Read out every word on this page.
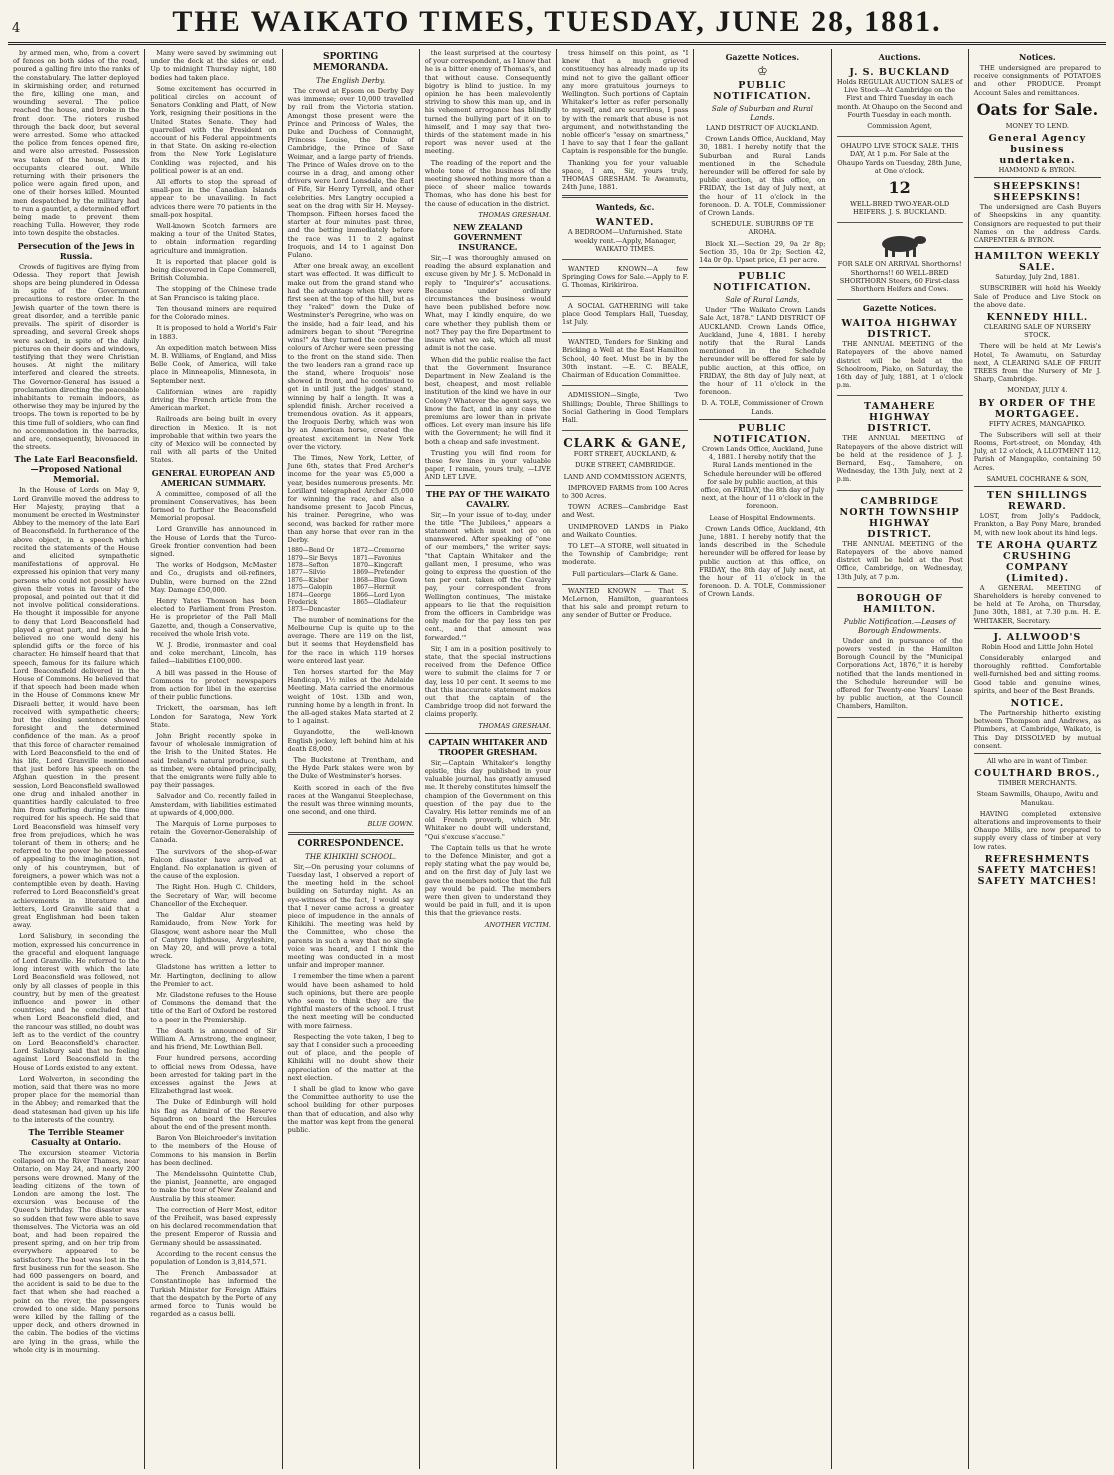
4	THE WAIKATO TIMES, TUESDAY, JUNE 28, 1881.

by armed men, who, from a covert of fences on both sides of the road, poured a galling fire into the ranks of the constabulary. The latter deployed in skirmishing order, and returned the fire, killing one man, and wounding several. The police reached the house, and broke in the front door. The rioters rushed through the back door, but several were arrested. Some who attacked the police from fences opened fire, and were also arrested. Possession was taken of the house, and its occupants cleared out. While returning with their prisoners the police were again fired upon, and one of their horses killed. Mounted men despatched by the military had to run a gauntlet, a determined effort being made to prevent them reaching Tulla. However, they rode into town despite the obstacles.

Persecution of the Jews in Russia.

Crowds of fugitives are flying from Odessa. They report that Jewish shops are being plundered in Odessa in spite of the Government precautions to restore order. In the Jewish quarter of the town there is great disorder, and a terrible panic prevails. The spirit of disorder is spreading, and several Greek shops were sacked, in spite of the daily pictures on their doors and windows, testifying that they were Christian houses. At night the military interfered and cleared the streets. The Governor-General has issued a proclamation directing the peaceable inhabitants to remain indoors, as otherwise they may be injured by the troops. The town is reported to be by this time full of soldiers, who can find no accommodation in the barracks, and are, consequently, bivouaced in the streets.

The Late Earl Beaconsfield.—Proposed National Memorial.

In the House of Lords on May 9, Lord Granville moved the address to Her Majesty, praying that a monument be erected in Westminster Abbey to the memory of the late Earl of Beaconsfield. In furtherance of the above object, in a speech which recited the statements of the House and elicited sympathetic manifestations of approval. He expressed his opinion that very many persons who could not possibly have given their votes in favour of the proposal, and pointed out that it did not involve political considerations. He thought it impossible for anyone to deny that Lord Beaconsfield had played a great part, and he said he believed no one would deny his splendid gifts or the force of his character. He himself heard that that speech, famous for its failure which Lord Beaconsfield delivered in the House of Commons. He believed that if that speech had been made when in the House of Commons knew Mr Disraeli better, it would have been received with sympathetic cheers; but the closing sentence showed foresight and the determined confidence of the man. As a proof that this force of character remained with Lord Beaconsfield to the end of his life, Lord Granville mentioned that just before his speech on the Afghan question in the present session, Lord Beaconsfield swallowed one drug and inhaled another in quantities hardly calculated to free him from suffering during the time required for his speech. He said that Lord Beaconsfield was himself very free from prejudices, which he was tolerant of them in others; and he referred to the power he possessed of appealing to the imagination, not only of his countrymen, but of foreigners, a power which was not a contemptible even by death. Having referred to Lord Beaconsfield's great achievements in literature and letters, Lord Granville said that a great Englishman had been taken away.

Lord Salisbury, in seconding the motion, expressed his concurrence in the graceful and eloquent language of Lord Granville. He referred to the long interest with which the late Lord Beaconsfield was followed, not only by all classes of people in this country, but by men of the greatest influence and power in other countries; and he concluded that when Lord Beaconsfield died, and the rancour was stilled, no doubt was left as to the verdict of the country on Lord Beaconsfield's character. Lord Salisbury said that no feeling against Lord Beaconsfield in the House of Lords existed to any extent.

Lord Wolverton, in seconding the motion, said that there was no more proper place for the memorial than in the Abbey; and remarked that the dead statesman had given up his life to the interests of the country.

The Terrible Steamer Casualty at Ontario.

The excursion steamer Victoria collapsed on the River Thames, near Ontario, on May 24, and nearly 200 persons were drowned. Many of the leading citizens of the town of London are among the lost. The excursion was because of the Queen's birthday. The disaster was so sudden that few were able to save themselves. The Victoria was an old boat, and had been repaired the present spring, and on her trip from everywhere appeared to be satisfactory. The boat was lost in the first business run for the season. She had 600 passengers on board, and the accident is said to be due to the fact that when she had reached a point on the river, the passengers crowded to one side. Many persons were killed by the falling of the upper deck, and others drowned in the cabin. The bodies of the victims are lying in the grass, while the whole city is in mourning.

Many were saved by swimming out under the deck at the sides or end. Up to midnight Thursday night, 180 bodies had taken place.

Some excitement has occurred in political circles on account of Senators Conkling and Platt, of New York, resigning their positions in the United States Senate. They had quarrelled with the President on account of his Federal appointments in that State. On asking re-election from the New York Legislature Conkling was rejected, and his political power is at an end.

All efforts to stop the spread of small-pox in the Canadian Islands appear to be unavailing. In fact advices there were 70 patients in the small-pox hospital.

Well-known Scotch farmers are making a tour of the United States, to obtain information regarding agriculture and immigration.

It is reported that placer gold is being discovered in Cape Commerell, British Columbia.

The stopping of the Chinese trade at San Francisco is taking place.

Ten thousand miners are required for the Colorado mines.

It is proposed to hold a World's Fair in 1883.

An expedition match between Miss M. B. Williams, of England, and Miss Belle Cook, of America, will take place in Minneapolis, Minnesota, in September next.

Californian wines are rapidly driving the French article from the American market.

Railroads are being built in every direction in Mexico. It is not improbable that within two years the city of Mexico will be connected by rail with all parts of the United States.

GENERAL EUROPEAN AND AMERICAN SUMMARY.

A committee, composed of all the prominent Conservatives, has been formed to further the Beaconsfield Memorial proposal.

Lord Granville has announced in the House of Lords that the Turco-Greek frontier convention had been signed.

The works of Hodgson, McMaster and Co., drugists and oil-refiners, Dublin, were burned on the 22nd May. Damage £50,000.

Henry Yates Thomson has been elected to Parliament from Preston. He is proprietor of the Pall Mall Gazette, and, though a Conservative, received the whole Irish vote.

W. J. Brodie, ironmaster and coal and coke merchant, Lincoln, has failed—liabilities £100,000.

A bill was passed in the House of Commons to protect newspapers from action for libel in the exercise of their public functions.

Trickett, the oarsman, has left London for Saratoga, New York State.

John Bright recently spoke in favour of wholesale immigration of the Irish to the United States. He said Ireland's natural produce, such as timber, were obtained principally, that the emigrants were fully able to pay their passages.

Salvador and Co. recently failed in Amsterdam, with liabilities estimated at upwards of 4,000,000.

The Marquis of Lorne purposes to retain the Governor-Generalship of Canada.

The survivors of the shop-of-war Falcon disaster have arrived at England. No explanation is given of the cause of the explosion.

The Right Hon. Hugh C. Childers, the Secretary of War, will become Chancellor of the Exchequer.

The Galdar Alur steamer Ramidaudo, from New York for Glasgow, went ashore near the Mull of Cantyre lighthouse, Argyleshire, on May 20, and will prove a total wreck.

Gladstone has written a letter to Mr. Hartington, declining to allow the Premier to act.

Mr. Gladstone refuses to the House of Commons the demand that the title of the Earl of Oxford be restored to a peer in the Premiership.

The death is announced of Sir William A. Armstrong, the engineer, and his friend, Mr. Lowthian Bell.

Four hundred persons, according to official news from Odessa, have been arrested for taking part in the excesses against the Jews at Elizabethgrad last week.

The Duke of Edinburgh will hold his flag as Admiral of the Reserve Squadron on board the Hercules about the end of the present month.

Baron Von Bleichroeder's invitation to the members of the House of Commons to his mansion in Berlin has been declined.

The Mendelssohn Quintette Club, the pianist, Jeannette, are engaged to make the tour of New Zealand and Australia by this steamer.

The correction of Herr Most, editor of the Freiheit, was based expressly on his declared recommendation that the present Emperor of Russia and Germany should be assassinated.

According to the recent census the population of London is 3,814,571.

The French Ambassador at Constantinople has informed the Turkish Minister for Foreign Affairs that the despatch by the Porte of any armed force to Tunis would be regarded as a casus belli.

SPORTING MEMORANDA.
The English Derby.

The crowd at Epsom on Derby Day was immense; over 10,000 travelled by rail from the Victoria station. Amongst those present were the Prince and Princess of Wales, the Duke and Duchess of Connaught, Princess Louise, the Duke of Cambridge, the Prince of Saxe Weimar, and a large party of friends. The Prince of Wales drove on to the course in a drag, and among other drivers were Lord Lonsdale, the Earl of Fife, Sir Henry Tyrrell, and other celebrities. Mrs Langtry occupied a seat on the drag with Sir H. Meysey-Thompson. Fifteen horses faced the starter at four minutes past three, and the betting immediately before the race was 11 to 2 against Iroquois, and 14 to 1 against Don Fulano.

After one break away, an excellent start was effected. It was difficult to make out from the grand stand who had the advantage when they were first seen at the top of the hill, but as they "raked" down the Duke of Westminster's Peregrine, who was on the inside, had a fair lead, and his admirers began to shout "Peregrine wins!" As they turned the corner the colours of Archer were seen pressing to the front on the stand side. Then the two leaders ran a grand race up the stand, where Iroquois' nose showed in front, and he continued to get in until just the judges' stand, winning by half a length. It was a splendid finish. Archer received a tremendous ovation. As it appears, the Iroquois Derby, which was won by an American horse, created the greatest excitement in New York over the victory.

The Times, New York, Letter, of June 6th, states that Fred Archer's income for the year was £5,000 a year, besides numerous presents. Mr. Lorillard telegraphed Archer £5,000 for winning the race, and also a handsome present to Jacob Pincus, his trainer. Peregrine, who was second, was backed for rather more than any horse that ever ran in the Derby.

1880—Bend Or
1879—Sir Bevys
1878—Sefton
1877—Silvio
1876—Kisber
1875—Galopin
1874—George Frederick
1873—Doncaster
1872—Cremorne
1871—Favonius
1870—Kingcraft
1869—Pretender
1868—Blue Gown
1867—Hermit
1866—Lord Lyon
1865—Gladiateur

The number of nominations for the Melbourne Cup is quite up to the average. There are 119 on the list, but it seems that Heydensfield has for the race in which 119 horses were entered last year.

Ten horses started for the May Handicap, 1½ miles at the Adelaide Meeting. Mata carried the enormous weight of 10st. 13lb and won, running home by a length in front. In the all-aged stakes Mata started at 2 to 1 against.

Guyandotte, the well-known English jockey, left behind him at his death £8,000.

The Buckstone at Trentham, and the Hyde Park stakes were won by the Duke of Westminster's horses.

Keith scored in each of the five races at the Wanganui Steeplechase, the result was three winning mounts, one second, and one third.

BLUE GOWN.

CORRESPONDENCE.
THE KIHIKIHI SCHOOL.

Sir,—On perusing your columns of Tuesday last, I observed a report of the meeting held in the school building on Saturday night. As an eye-witness of the fact, I would say that I never came across a greater piece of impudence in the annals of Kihikihi. The meeting was held by the Committee, who chose the parents in such a way that no single voice was heard, and I think the meeting was conducted in a most unfair and improper manner.

I remember the time when a parent would have been ashamed to hold such opinions, but there are people who seem to think they are the rightful masters of the school. I trust the next meeting will be conducted with more fairness.

Respecting the vote taken, I beg to say that I consider such a proceeding out of place, and the people of Kihikihi will no doubt show their appreciation of the matter at the next election.

I shall be glad to know who gave the Committee authority to use the school building for other purposes than that of education, and also why the matter was kept from the general public.

the least surprised at the courtesy of your correspondent, as I know that he is a bitter enemy of Thomas's, and that without cause. Consequently bigotry is blind to justice. In my opinion he has been malevolently striving to show this man up, and in his vehement arrogance has blindly turned the bullying part of it on to himself, and I may say that two-thirds of the statement made in his report was never used at the meeting.

The reading of the report and the whole tone of the business of the meeting showed nothing more than a piece of sheer malice towards Thomas, who has done his best for the cause of education in the district.

THOMAS GRESHAM.

NEW ZEALAND GOVERNMENT INSURANCE.

Sir,—I was thoroughly amused on reading the absurd explanation and excuse given by Mr J. S. McDonald in reply to "Inquirer's" accusations. Because under ordinary circumstances the business would have been published before now. What, may I kindly enquire, do we care whether they publish them or not? They pay the fire Department to insure what we ask, which all must admit is not the case.

When did the public realise the fact that the Government Insurance Department in New Zealand is the best, cheapest, and most reliable institution of the kind we have in our Colony? Whatever the agent says, we know the fact, and in any case the premiums are lower than in private offices. Let every man insure his life with the Government; he will find it both a cheap and safe investment.

Trusting you will find room for these few lines in your valuable paper, I remain, yours truly, —LIVE AND LET LIVE.

THE PAY OF THE WAIKATO CAVALRY.

Sir,—In your issue of to-day, under the title "The Jubilees," appears a statement which must not go on unanswered. After speaking of "one of our members," the writer says: "that Captain Whitaker and the gallant men, I presume, who was going to express the question of the ten per cent. taken off the Cavalry pay, your correspondent from Wellington continues, 'The mistake appears to lie that the requisition from the officers in Cambridge was only made for the pay less ten per cent., and that amount was forwarded.'"

Sir, I am in a position positively to state, that the special instructions received from the Defence Office were to submit the claims for 7 or day, less 10 per cent. It seems to me that this inaccurate statement makes out that the captain of the Cambridge troop did not forward the claims properly.

THOMAS GRESHAM.

CAPTAIN WHITAKER AND TROOPER GRESHAM.

Sir,—Captain Whitaker's lengthy epistle, this day published in your valuable journal, has greatly amused me. It thereby constitutes himself the champion of the Government on this question of the pay due to the Cavalry. His letter reminds me of an old French proverb, which Mr. Whitaker no doubt will understand, "Qui s'excuse s'accuse."

The Captain tells us that he wrote to the Defence Minister, and got a reply stating what the pay would be, and on the first day of July last we gave the members notice that the full pay would be paid. The members were then given to understand they would be paid in full, and it is upon this that the grievance rests.

ANOTHER VICTIM.

tress himself on this point, as "I knew that a much grieved constituency has already made up its mind not to give the gallant officer any more gratuitous journeys to Wellington. Such portions of Captain Whitaker's letter as refer personally to myself, and are scurrilous, I pass by with the remark that abuse is not argument, and notwithstanding the noble officer's "essay on smartness," I have to say that I fear the gallant Captain is responsible for the bungle.

Thanking you for your valuable space, I am, Sir, yours truly, THOMAS GRESHAM. Te Awamutu, 24th June, 1881.

Wanteds, &c.
WANTED.

A BEDROOM—Unfurnished. State weekly rent.—Apply, Manager, WAIKATO TIMES.

WANTED KNOWN—A few Springing Cows for Sale.—Apply to F. G. Thomas, Kirikiriroa.

A SOCIAL GATHERING will take place Good Templars Hall, Tuesday, 1st July.

WANTED, Tenders for Sinking and Bricking a Well at the East Hamilton School, 40 feet. Must be in by the 30th instant. —E. C. BEALE, Chairman of Education Committee.

ADMISSION—Single, Two Shillings; Double, Three Shillings to Social Gathering in Good Templars Hall.

CLARK & GANE,

FORT STREET, AUCKLAND, &

DUKE STREET, CAMBRIDGE.

LAND AND COMMISSION AGENTS,

IMPROVED FARMS from 100 Acres to 300 Acres.

TOWN ACRES—Cambridge East and West.

UNIMPROVED LANDS in Piako and Waikato Counties.

TO LET—A STORE, well situated in the Township of Cambridge; rent moderate.

Full particulars—Clark & Gane.

WANTED KNOWN — That S. McLernon, Hamilton, guarantees that his sale and prompt return to any sender of Butter or Produce.

Gazette Notices.
♔
PUBLIC NOTIFICATION.
Sale of Suburban and Rural Lands.

LAND DISTRICT OF AUCKLAND.

Crown Lands Office, Auckland, May 30, 1881. I hereby notify that the Suburban and Rural Lands mentioned in the Schedule hereunder will be offered for sale by public auction, at this office, on FRIDAY, the 1st day of July next, at the hour of 11 o'clock in the forenoon. D. A. TOLE, Commissioner of Crown Lands.

SCHEDULE. SUBURBS OF TE AROHA.

Block XI.—Section 29, 9a 2r 8p; Section 35, 10a 0r 2p; Section 42, 14a 0r 0p. Upset price, £1 per acre.

PUBLIC NOTIFICATION.
Sale of Rural Lands,

Under "The Waikato Crown Lands Sale Act, 1878." LAND DISTRICT OF AUCKLAND. Crown Lands Office, Auckland, June 4, 1881. I hereby notify that the Rural Lands mentioned in the Schedule hereunder will be offered for sale by public auction, at this office, on FRIDAY, the 8th day of July next, at the hour of 11 o'clock in the forenoon.

D. A. TOLE, Commissioner of Crown Lands.

PUBLIC NOTIFICATION.

Crown Lands Office, Auckland, June 4, 1881. I hereby notify that the Rural Lands mentioned in the Schedule hereunder will be offered for sale by public auction, at this office, on FRIDAY, the 8th day of July next, at the hour of 11 o'clock in the forenoon.

Lease of Hospital Endowments.

Crown Lands Office, Auckland, 4th June, 1881. I hereby notify that the lands described in the Schedule hereunder will be offered for lease by public auction at this office, on FRIDAY, the 8th day of July next, at the hour of 11 o'clock in the forenoon. D. A. TOLE, Commissioner of Crown Lands.

Auctions.
J. S. BUCKLAND

Holds REGULAR AUCTION SALES of Live Stock—At Cambridge on the First and Third Tuesday in each month. At Ohaupo on the Second and Fourth Tuesday in each month.

Commission Agent,

OHAUPO LIVE STOCK SALE. THIS DAY, At 1 p.m. For Sale at the Ohaupo Yards on Tuesday, 28th June, at One o'clock.

12

WELL-BRED TWO-YEAR-OLD HEIFERS. J. S. BUCKLAND.

FOR SALE ON ARRIVAL Shorthorns! Shorthorns!! 60 WELL-BRED SHORTHORN Steers, 60 First-class Shorthorn Heifers and Cows.

Gazette Notices.
WAITOA HIGHWAY DISTRICT.

THE ANNUAL MEETING of the Ratepayers of the above named district will be held at the Schoolroom, Piako, on Saturday, the 16th day of July, 1881, at 1 o'clock p.m.

TAMAHERE HIGHWAY DISTRICT.

THE ANNUAL MEETING of Ratepayers of the above district will be held at the residence of J. J. Bernard, Esq., Tamahere, on Wednesday, the 13th July, next at 2 p.m.

CAMBRIDGE NORTH TOWNSHIP HIGHWAY DISTRICT.

THE ANNUAL MEETING of the Ratepayers of the above named district will be held at the Post Office, Cambridge, on Wednesday, 13th July, at 7 p.m.

BOROUGH OF HAMILTON.
Public Notification.—Leases of Borough Endowments.

Under and in pursuance of the powers vested in the Hamilton Borough Council by the "Municipal Corporations Act, 1876," it is hereby notified that the lands mentioned in the Schedule hereunder will be offered for Twenty-one Years' Lease by public auction, at the Council Chambers, Hamilton.

Notices.

THE undersigned are prepared to receive consignments of POTATOES and other PRODUCE. Prompt Account Sales and remittances.

Oats for Sale.

MONEY TO LEND.

General Agency business undertaken.

HAMMOND & BYRON.

SHEEPSKINS! SHEEPSKINS!

The undersigned are Cash Buyers of Sheepskins in any quantity. Consignors are requested to put their Names on the address Cards. CARPENTER & BYRON.

HAMILTON WEEKLY SALE.

Saturday, July 2nd, 1881.

SUBSCRIBER will hold his Weekly Sale of Produce and Live Stock on the above date.

KENNEDY HILL.

CLEARING SALE OF NURSERY STOCK.

There will be held at Mr Lewis's Hotel, Te Awamutu, on Saturday next, A CLEARING SALE OF FRUIT TREES from the Nursery of Mr J. Sharp, Cambridge.

MONDAY, JULY 4.

BY ORDER OF THE MORTGAGEE.

FIFTY ACRES, MANGAPIKO.

The Subscribers will sell at their Rooms, Fort-street, on Monday, 4th July, at 12 o'clock, A LLOTMENT 112, Parish of Mangapiko, containing 50 Acres.

SAMUEL COCHRANE & SON,

TEN SHILLINGS REWARD.

LOST, from Jolly's Paddock, Frankton, a Bay Pony Mare, branded M, with new look about its hind legs.

TE AROHA QUARTZ CRUSHING COMPANY (Limited).

A GENERAL MEETING of Shareholders is hereby convened to be held at Te Aroha, on Thursday, June 30th, 1881, at 7.30 p.m. H. E. WHITAKER, Secretary.

J. ALLWOOD'S

Robin Hood and Little John Hotel

Considerably enlarged and thoroughly refitted. Comfortable well-furnished bed and sitting rooms. Good table and genuine wines, spirits, and beer of the Best Brands.

NOTICE.

The Partnership hitherto existing between Thompson and Andrews, as Plumbers, at Cambridge, Waikato, is This Day DISSOLVED by mutual consent.

All who are in want of Timber.

COULTHARD BROS.,

TIMBER MERCHANTS.

Steam Sawmills, Ohaupo, Awitu and Manukau.

HAVING completed extensive alterations and improvements to their Ohaupo Mills, are now prepared to supply every class of timber at very low rates.

REFRESHMENTS
SAFETY MATCHES! SAFETY MATCHES!
